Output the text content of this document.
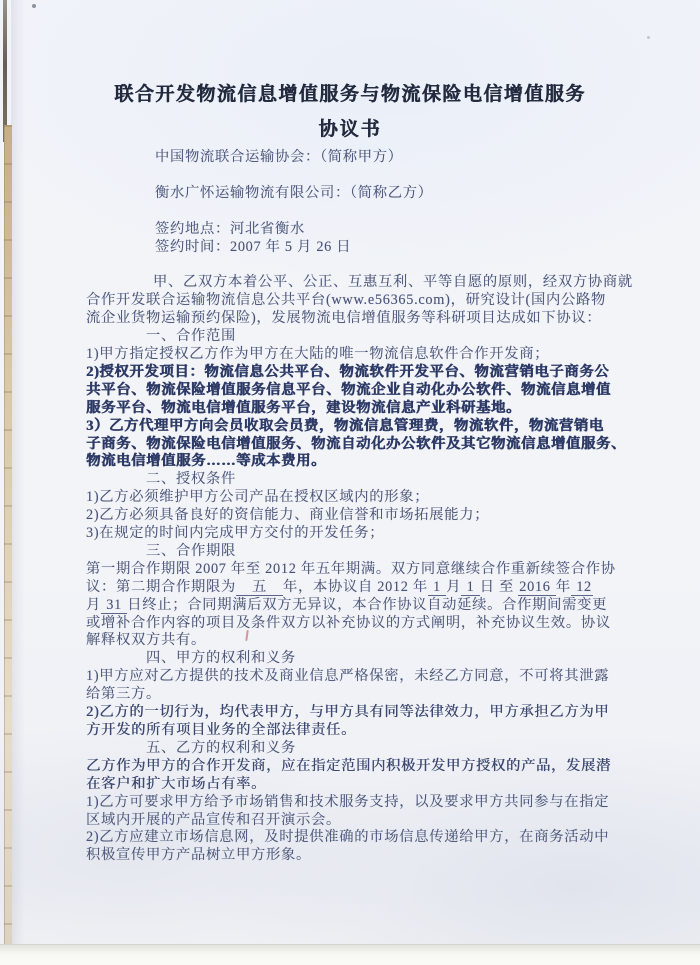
联合开发物流信息增值服务与物流保险电信增值服务
协议书
中国物流联合运输协会：（简称甲方）

衡水广怀运输物流有限公司：（简称乙方）

签约地点：河北省衡水
签约时间：2007 年 5 月 26 日

甲、乙双方本着公平、公正、互惠互利、平等自愿的原则，经双方协商就
合作开发联合运输物流信息公共平台(www.e56365.com)，研究设计(国内公路物
流企业货物运输预约保险)，发展物流电信增值服务等科研项目达成如下协议：
一、合作范围
1)甲方指定授权乙方作为甲方在大陆的唯一物流信息软件合作开发商；
2)授权开发项目：物流信息公共平台、物流软件开发平台、物流营销电子商务公
共平台、物流保险增值服务信息平台、物流企业自动化办公软件、物流信息增值
服务平台、物流电信增值服务平台，建设物流信息产业科研基地。
3）乙方代理甲方向会员收取会员费，物流信息管理费，物流软件，物流营销电
子商务、物流保险电信增值服务、物流自动化办公软件及其它物流信息增值服务、
物流电信增值服务……等成本费用。
二、授权条件
1)乙方必须维护甲方公司产品在授权区域内的形象；
2)乙方必须具备良好的资信能力、商业信誉和市场拓展能力；
3)在规定的时间内完成甲方交付的开发任务；
三、合作期限
第一期合作期限 2007 年至 2012 年五年期满。双方同意继续合作重新续签合作协
议：第二期合作期限为　五　年，本协议自 2012 年 1 月 1 日 至 2016 年 12
月 31 日终止；合同期满后双方无异议，本合作协议自动延续。合作期间需变更
或增补合作内容的项目及条件双方以补充协议的方式阐明，补充协议生效。协议
解释权双方共有。
四、甲方的权利和义务
1)甲方应对乙方提供的技术及商业信息严格保密，未经乙方同意，不可将其泄露
给第三方。
2)乙方的一切行为，均代表甲方，与甲方具有同等法律效力，甲方承担乙方为甲
方开发的所有项目业务的全部法律责任。
五、乙方的权利和义务
乙方作为甲方的合作开发商，应在指定范围内积极开发甲方授权的产品，发展潜
在客户和扩大市场占有率。
1)乙方可要求甲方给予市场销售和技术服务支持，以及要求甲方共同参与在指定
区域内开展的产品宣传和召开演示会。
2)乙方应建立市场信息网，及时提供准确的市场信息传递给甲方，在商务活动中
积极宣传甲方产品树立甲方形象。
